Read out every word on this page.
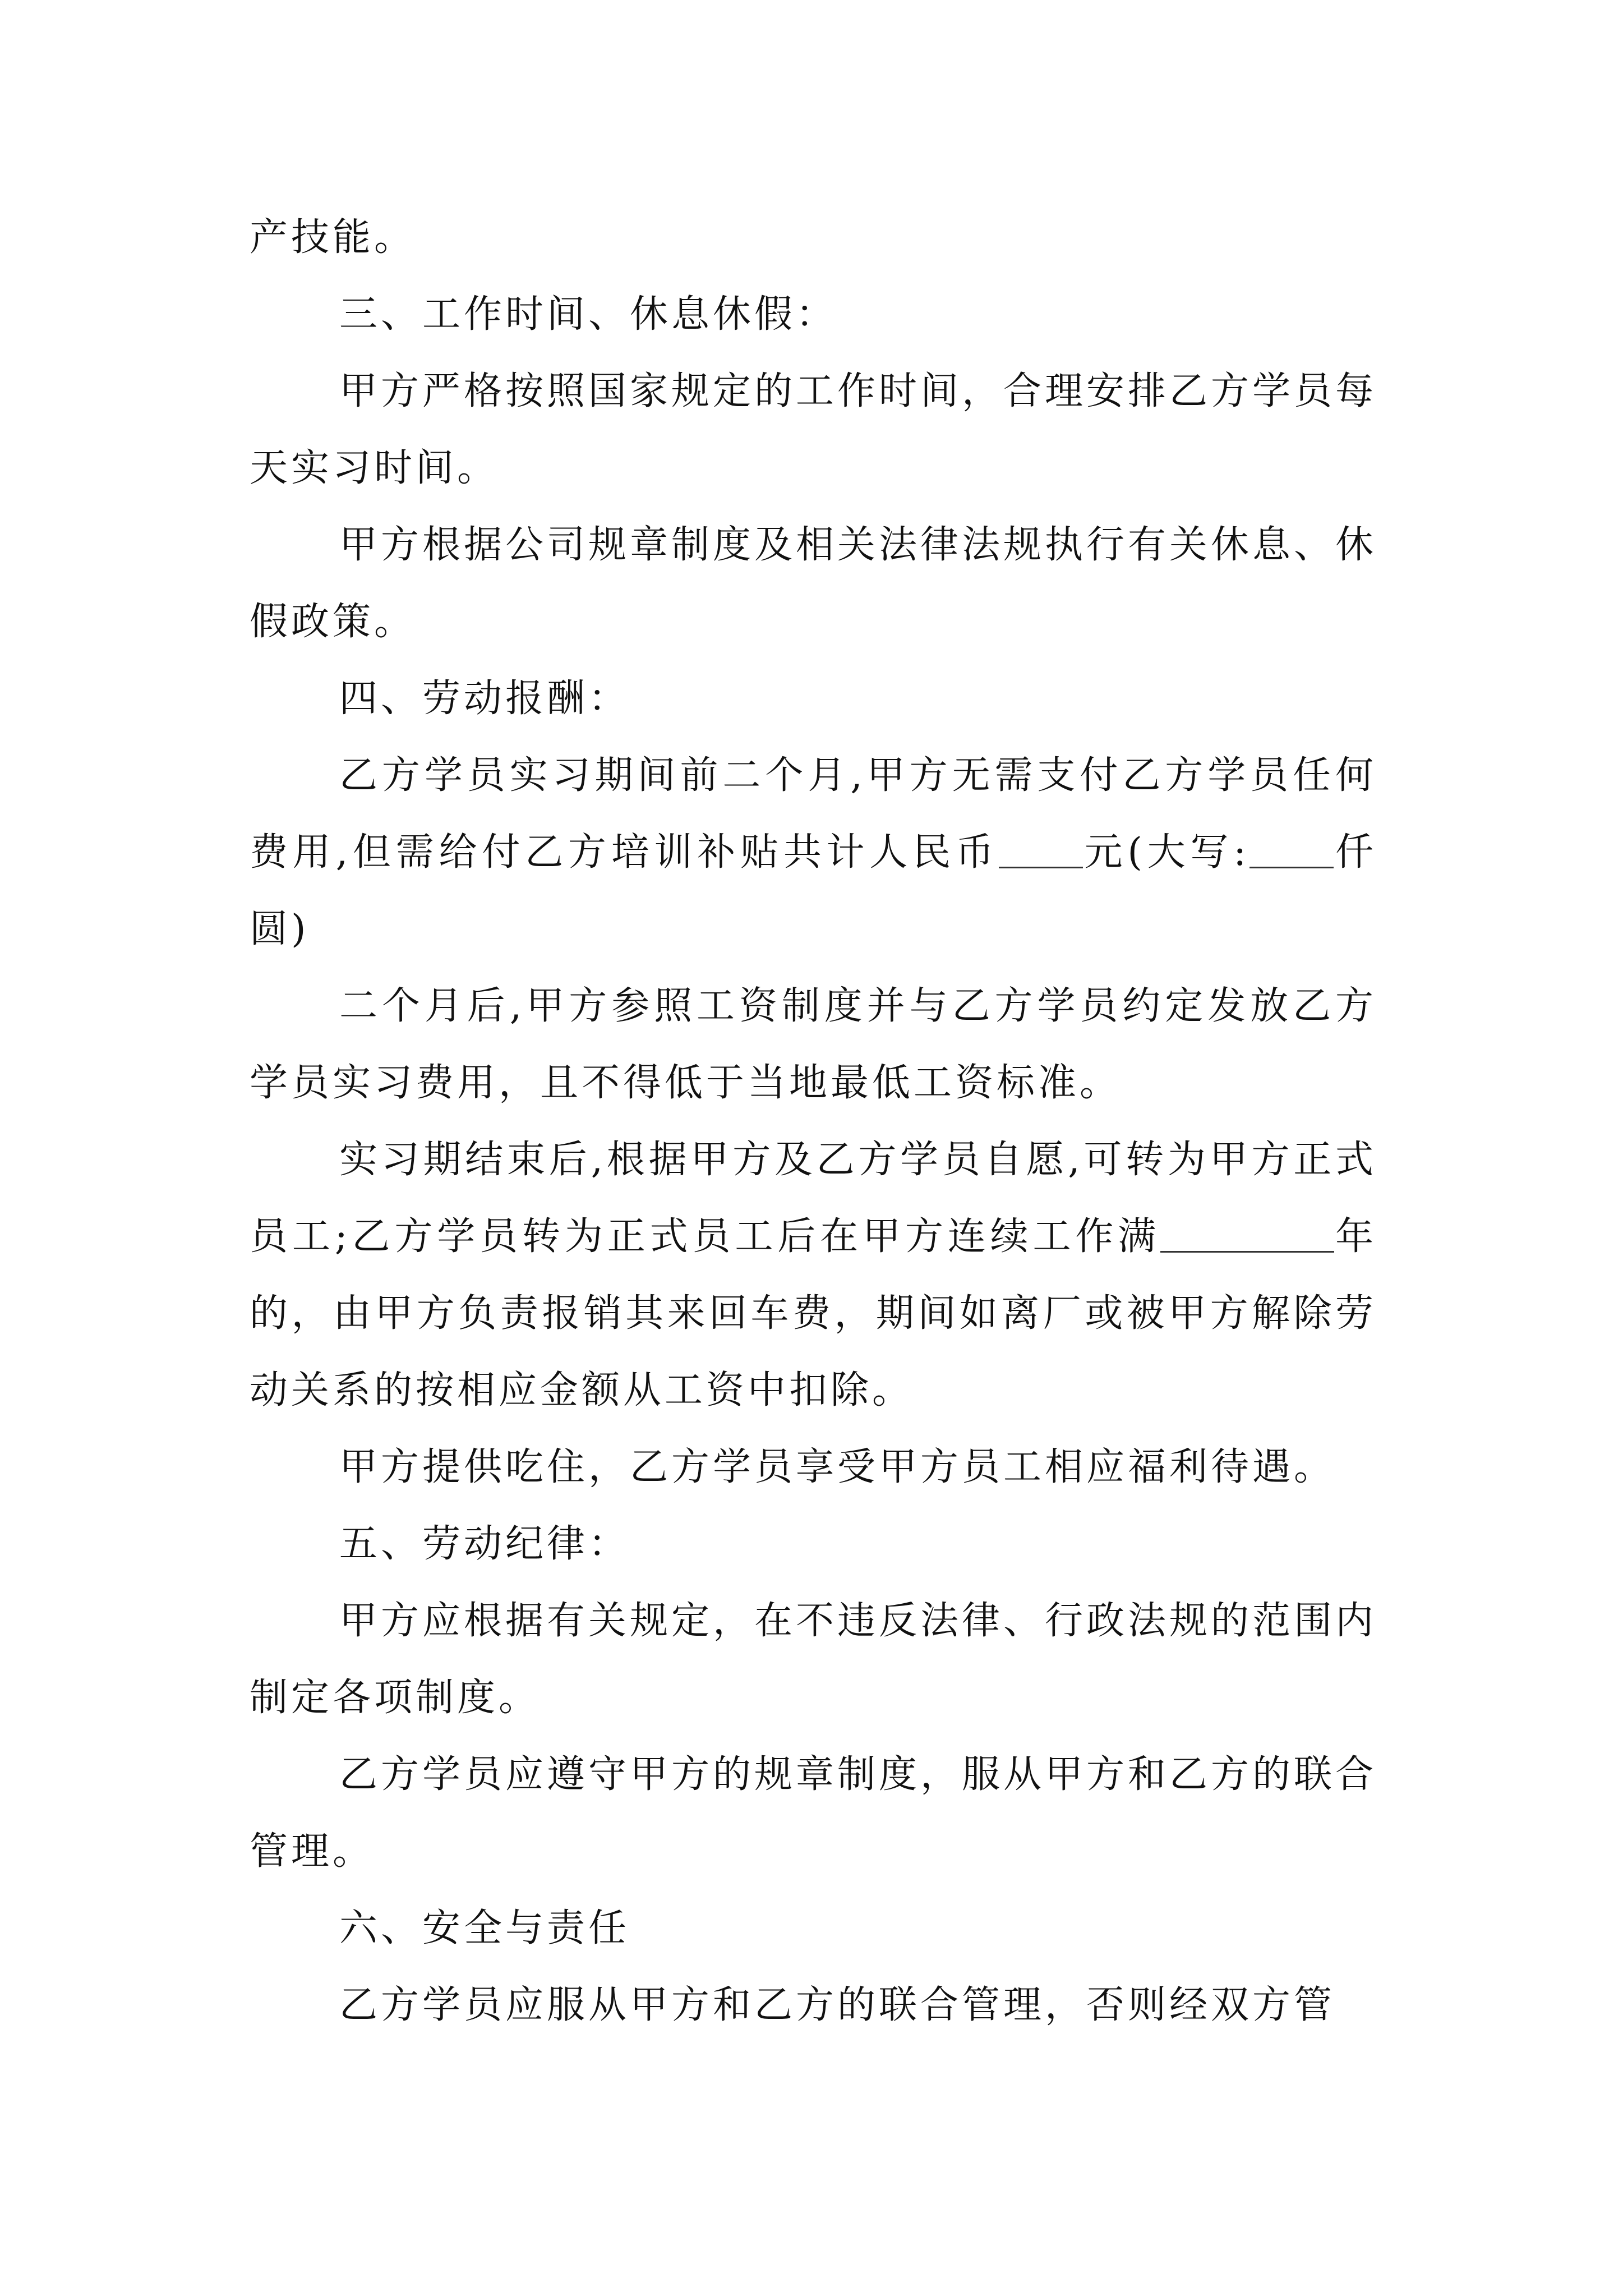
产技能。

三、工作时间、休息休假：

甲方严格按照国家规定的工作时间，合理安排乙方学员每天实习时间。

甲方根据公司规章制度及相关法律法规执行有关休息、休假政策。

四、劳动报酬：

乙方学员实习期间前二个月,甲方无需支付乙方学员任何费用,但需给付乙方培训补贴共计人民币 元(大写: 仟圆)

二个月后,甲方参照工资制度并与乙方学员约定发放乙方学员实习费用，且不得低于当地最低工资标准。

实习期结束后,根据甲方及乙方学员自愿,可转为甲方正式员工;乙方学员转为正式员工后在甲方连续工作满	年的，由甲方负责报销其来回车费，期间如离厂或被甲方解除劳动关系的按相应金额从工资中扣除。

甲方提供吃住，乙方学员享受甲方员工相应福利待遇。

五、劳动纪律：

甲方应根据有关规定，在不违反法律、行政法规的范围内制定各项制度。

乙方学员应遵守甲方的规章制度，服从甲方和乙方的联合管理。

六、安全与责任

乙方学员应服从甲方和乙方的联合管理，否则经双方管
